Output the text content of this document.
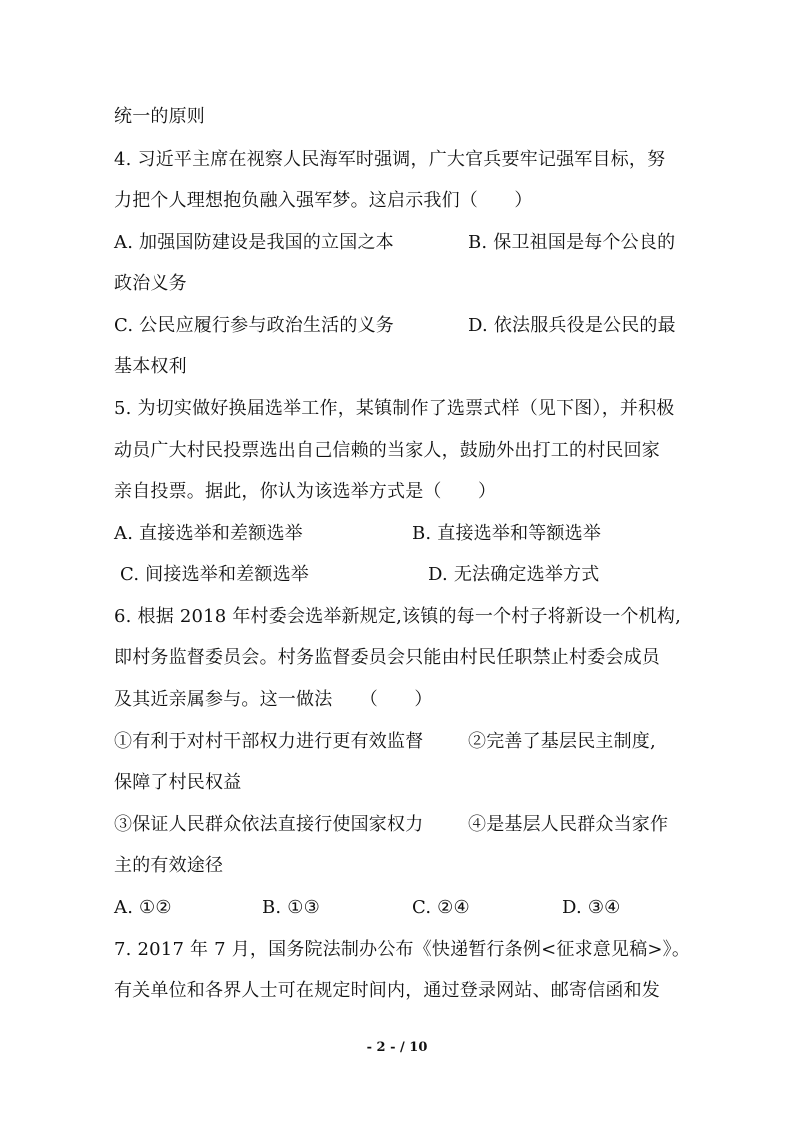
统一的原则
4. 习近平主席在视察人民海军时强调，广大官兵要牢记强军目标，努
力把个人理想抱负融入强军梦。这启示我们（　　）
A. 加强国防建设是我国的立国之本	B. 保卫祖国是每个公良的
政治义务
C. 公民应履行参与政治生活的义务	D. 依法服兵役是公民的最
基本权利
5. 为切实做好换届选举工作，某镇制作了选票式样（见下图），并积极
动员广大村民投票选出自己信赖的当家人，鼓励外出打工的村民回家
亲自投票。据此，你认为该选举方式是（　　）
A. 直接选举和差额选举	B. 直接选举和等额选举
C. 间接选举和差额选举	D. 无法确定选举方式
6. 根据 2018 年村委会选举新规定,该镇的每一个村子将新设一个机构,
即村务监督委员会。村务监督委员会只能由村民任职禁止村委会成员
及其近亲属参与。这一做法　　（　　）
①有利于对村干部权力进行更有效监督 ②完善了基层民主制度,
保障了村民权益
③保证人民群众依法直接行使国家权力 ④是基层人民群众当家作
主的有效途径
A. ①②	B. ①③	C. ②④	D. ③④
7. 2017 年 7 月，国务院法制办公布《快递暂行条例<征求意见稿>》。
有关单位和各界人士可在规定时间内，通过登录网站、邮寄信函和发
- 2 - / 10
